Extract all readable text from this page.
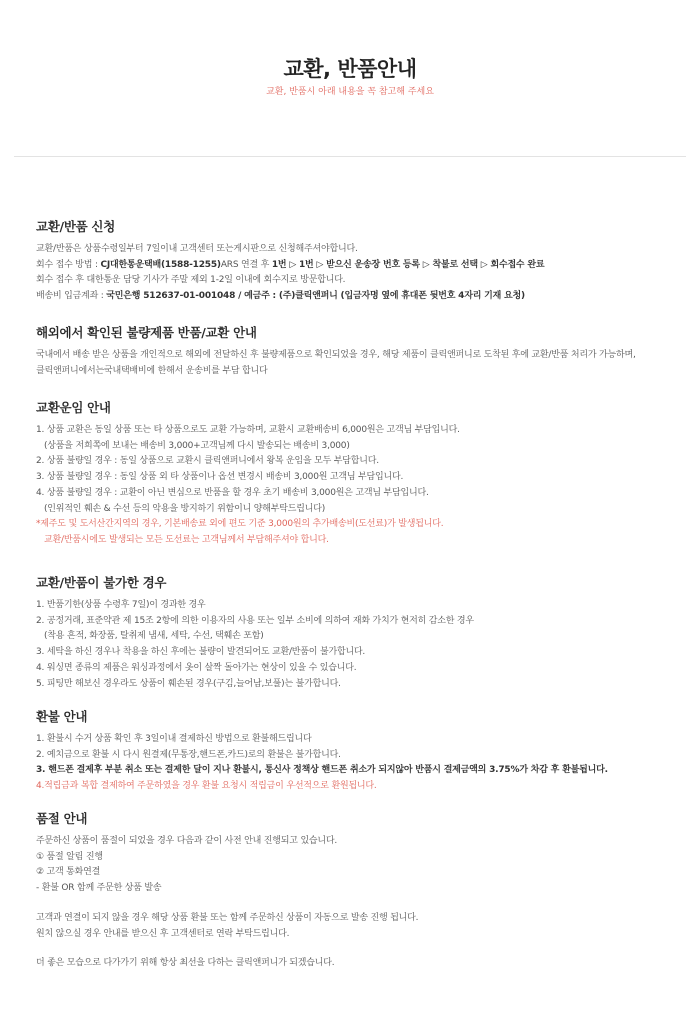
교환, 반품안내
교환, 반품시 아래 내용을 꼭 참고해 주세요
교환/반품 신청
교환/반품은 상품수령일부터 7일이내 고객센터 또는게시판으로 신청해주셔야합니다.
회수 접수 방법 : CJ대한통운택배(1588-1255)ARS 연결 후 1번 ▷ 1번 ▷ 받으신 운송장 번호 등록 ▷ 착불로 선택 ▷ 회수접수 완료
회수 접수 후 대한통운 담당 기사가 주말 제외 1-2일 이내에 회수지로 방문합니다.
배송비 입금계좌 : 국민은행 512637-01-001048 / 예금주 : (주)클릭앤퍼니 (입금자명 옆에 휴대폰 뒷번호 4자리 기재 요청)
해외에서 확인된 불량제품 반품/교환 안내
국내에서 배송 받은 상품을 개인적으로 해외에 전달하신 후 불량제품으로 확인되었을 경우, 해당 제품이 클릭앤퍼니로 도착된 후에 교환/반품 처리가 가능하며,
클릭앤퍼니에서는국내택배비에 한해서 운송비를 부담 합니다
교환운임 안내
1. 상품 교환은 동일 상품 또는 타 상품으로도 교환 가능하며, 교환시 교환배송비 6,000원은 고객님 부담입니다.
(상품을 저희쪽에 보내는 배송비 3,000+고객님께 다시 발송되는 배송비 3,000)
2. 상품 불량일 경우 : 동일 상품으로 교환시 클릭앤퍼니에서 왕복 운임을 모두 부담합니다.
3. 상품 불량일 경우 : 동일 상품 외 타 상품이나 옵션 변경시 배송비 3,000원 고객님 부담입니다.
4. 상품 불량일 경우 : 교환이 아닌 변심으로 반품을 할 경우 초기 배송비 3,000원은 고객님 부담입니다.
(인위적인 훼손 & 수선 등의 악용을 방지하기 위함이니 양해부탁드립니다)
*제주도 및 도서산간지역의 경우, 기본배송료 외에 편도 기준 3,000원의 추가배송비(도선료)가 발생됩니다.
교환/반품시에도 발생되는 모든 도선료는 고객님께서 부담해주셔야 합니다.
교환/반품이 불가한 경우
1. 반품기한(상품 수령후 7일)이 경과한 경우
2. 공정거래, 표준약관 제 15조 2항에 의한 이용자의 사용 또는 일부 소비에 의하여 재화 가치가 현저히 감소한 경우
(착용 흔적, 화장품, 탈취제 냄새, 세탁, 수선, 택훼손 포함)
3. 세탁을 하신 경우나 착용을 하신 후에는 불량이 발견되어도 교환/반품이 불가합니다.
4. 워싱면 종류의 제품은 워싱과정에서 옷이 살짝 돌아가는 현상이 있을 수 있습니다.
5. 피팅만 해보신 경우라도 상품이 훼손된 경우(구김,늘어남,보풀)는 불가합니다.
환불 안내
1. 환불시 수거 상품 확인 후 3일이내 결제하신 방법으로 환불해드립니다
2. 예치금으로 환불 시 다시 원결제(무통장,핸드폰,카드)로의 환불은 불가합니다.
3. 핸드폰 결제후 부분 취소 또는 결제한 달이 지나 환불시, 통신사 정책상 핸드폰 취소가 되지않아 반품시 결제금액의 3.75%가 차감 후 환불됩니다.
4.적립금과 복합 결제하여 주문하였을 경우 환불 요청시 적립금이 우선적으로 환원됩니다.
품절 안내
주문하신 상품이 품절이 되었을 경우 다음과 같이 사전 안내 진행되고 있습니다.
① 품절 알림 진행
② 고객 통화연결
- 환불 OR 함께 주문한 상품 발송
고객과 연결이 되지 않을 경우 해당 상품 환불 또는 함께 주문하신 상품이 자동으로 발송 진행 됩니다.
원치 않으실 경우 안내를 받으신 후 고객센터로 연락 부탁드립니다.
더 좋은 모습으로 다가가기 위해 항상 최선을 다하는 클릭앤퍼니가 되겠습니다.
